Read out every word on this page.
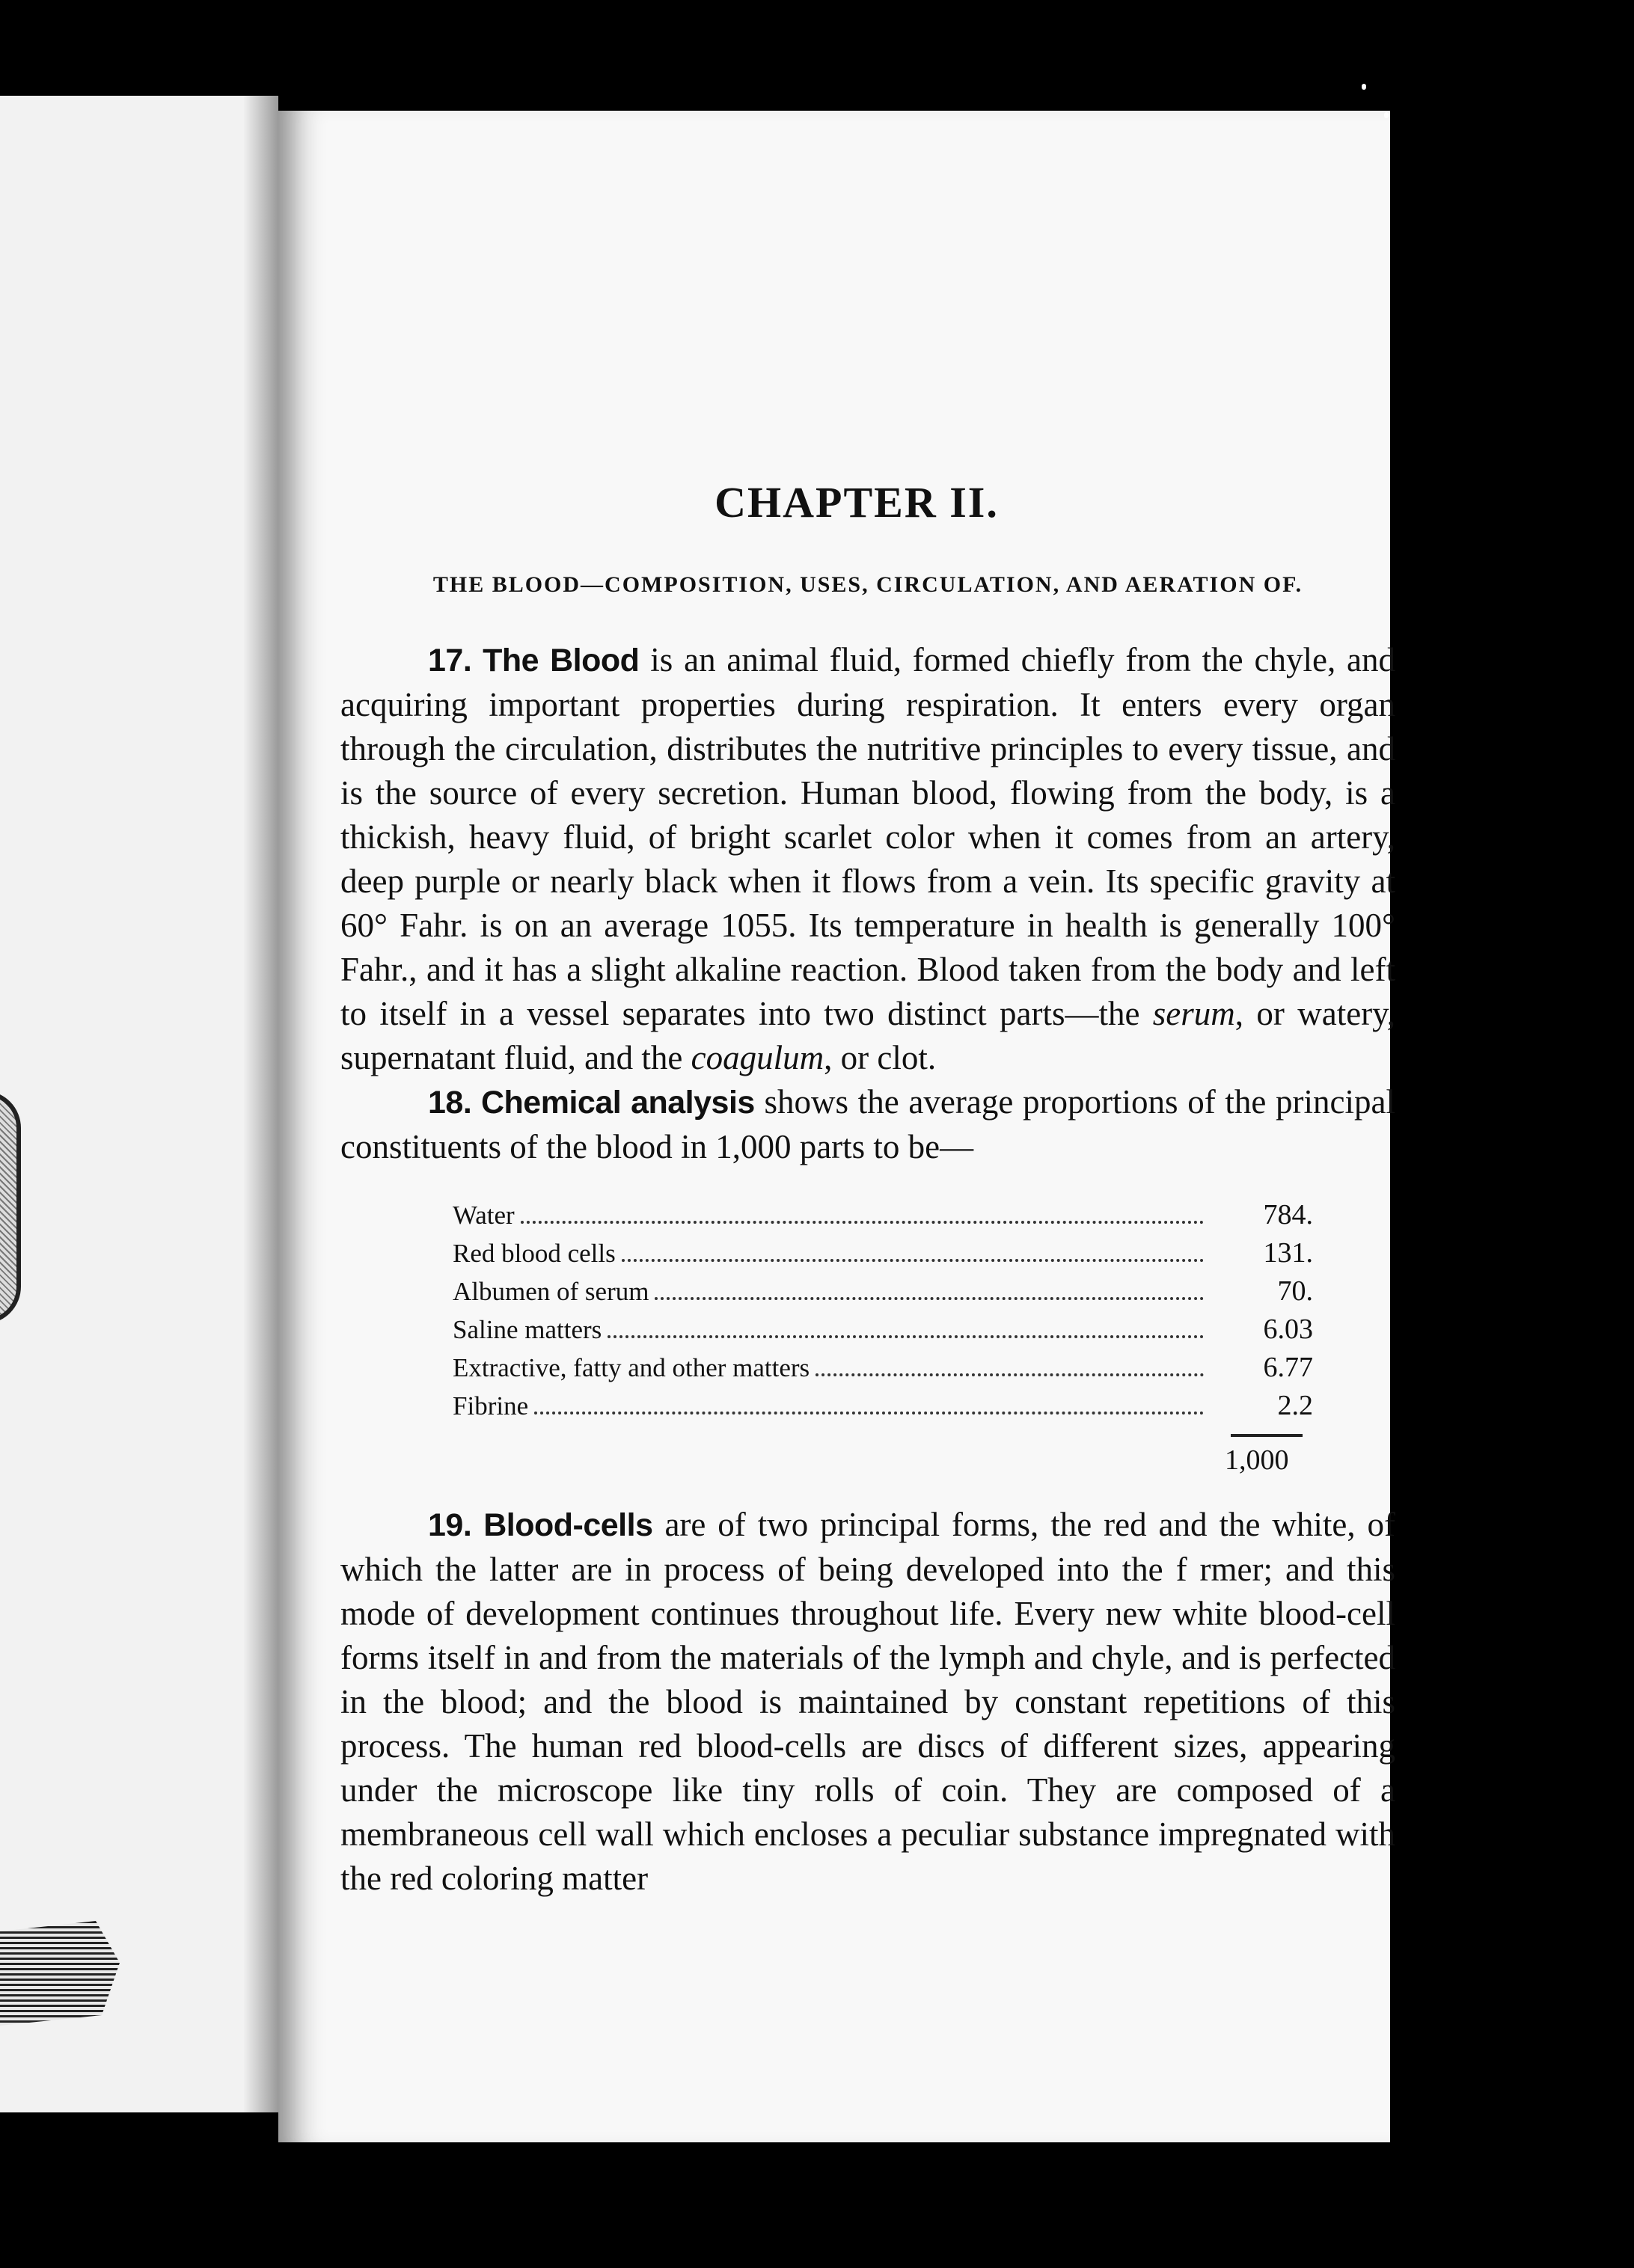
CHAPTER II.
THE BLOOD—COMPOSITION, USES, CIRCULATION, AND AERATION OF.

17. The Blood is an animal fluid, formed chiefly from the chyle, and acquiring important properties during respiration. It enters every organ through the circulation, distributes the nutritive principles to every tissue, and is the source of every secretion. Human blood, flowing from the body, is a thickish, heavy fluid, of bright scarlet color when it comes from an artery, deep purple or nearly black when it flows from a vein. Its specific gravity at 60° Fahr. is on an average 1055. Its temperature in health is generally 100° Fahr., and it has a slight alkaline reaction. Blood taken from the body and left to itself in a vessel separates into two distinct parts—the serum, or watery, supernatant fluid, and the coagulum, or clot.

18. Chemical analysis shows the average proportions of the principal constituents of the blood in 1,000 parts to be—

Water	784.
Red blood cells	131.
Albumen of serum	70.
Saline matters	6.03
Extractive, fatty and other matters	6.77
Fibrine	2.2
1,000

19. Blood-cells are of two principal forms, the red and the white, of which the latter are in process of being developed into the f rmer; and this mode of development continues throughout life. Every new white blood-cell forms itself in and from the materials of the lymph and chyle, and is perfected in the blood; and the blood is maintained by constant repetitions of this process. The human red blood-cells are discs of different sizes, appearing under the microscope like tiny rolls of coin. They are composed of a membraneous cell wall which encloses a peculiar substance impregnated with the red coloring matter
